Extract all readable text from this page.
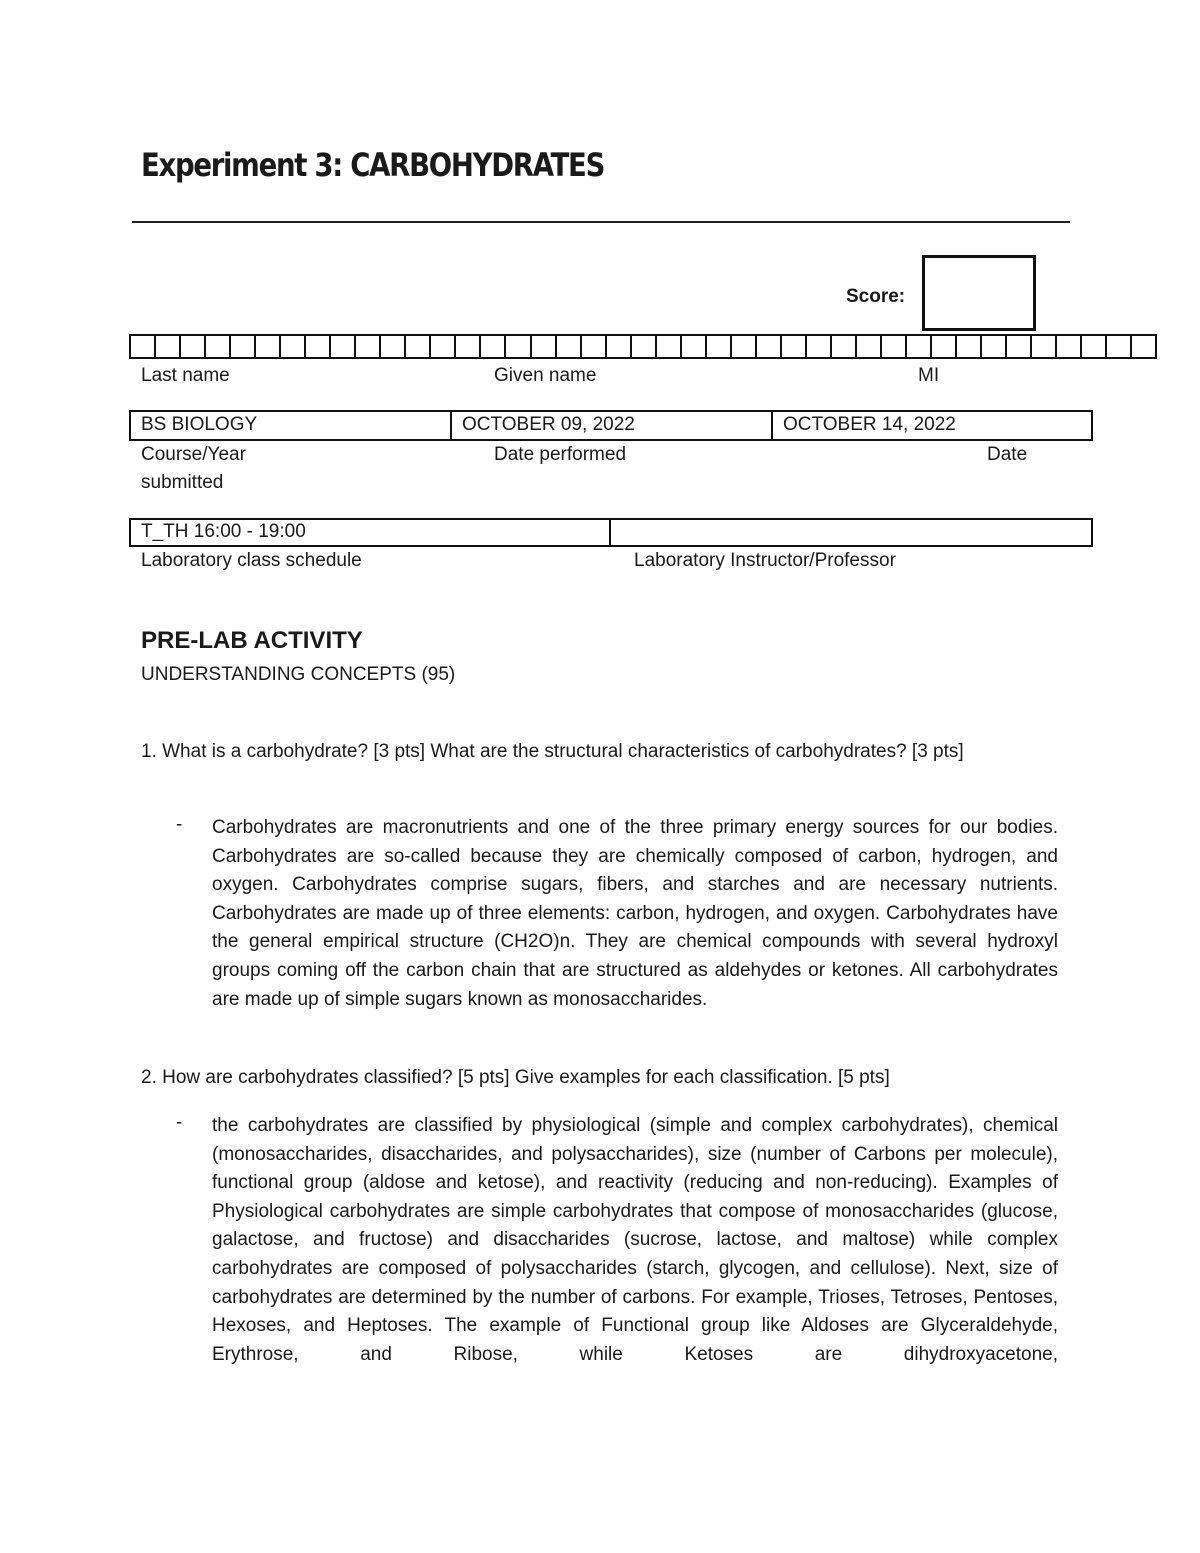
Experiment 3: CARBOHYDRATES
Score:
Last name	Given name	MI
BS BIOLOGY	OCTOBER 09, 2022	OCTOBER 14, 2022
Course/Year	Date performed	Date
submitted
T_TH 16:00 - 19:00
Laboratory class schedule	Laboratory Instructor/Professor
PRE-LAB ACTIVITY
UNDERSTANDING CONCEPTS (95)
1. What is a carbohydrate? [3 pts] What are the structural characteristics of carbohydrates? [3 pts]
- Carbohydrates are macronutrients and one of the three primary energy sources for our bodies. Carbohydrates are so-called because they are chemically composed of carbon, hydrogen, and oxygen. Carbohydrates comprise sugars, fibers, and starches and are necessary nutrients. Carbohydrates are made up of three elements: carbon, hydrogen, and oxygen. Carbohydrates have the general empirical structure (CH2O)n. They are chemical compounds with several hydroxyl groups coming off the carbon chain that are structured as aldehydes or ketones. All carbohydrates are made up of simple sugars known as monosaccharides.
2. How are carbohydrates classified? [5 pts] Give examples for each classification. [5 pts]
- the carbohydrates are classified by physiological (simple and complex carbohydrates), chemical (monosaccharides, disaccharides, and polysaccharides), size (number of Carbons per molecule), functional group (aldose and ketose), and reactivity (reducing and non-reducing). Examples of Physiological carbohydrates are simple carbohydrates that compose of monosaccharides (glucose, galactose, and fructose) and disaccharides (sucrose, lactose, and maltose) while complex carbohydrates are composed of polysaccharides (starch, glycogen, and cellulose). Next, size of carbohydrates are determined by the number of carbons. For example, Trioses, Tetroses, Pentoses, Hexoses, and Heptoses. The example of Functional group like Aldoses are Glyceraldehyde, Erythrose, and Ribose, while Ketoses are dihydroxyacetone,
